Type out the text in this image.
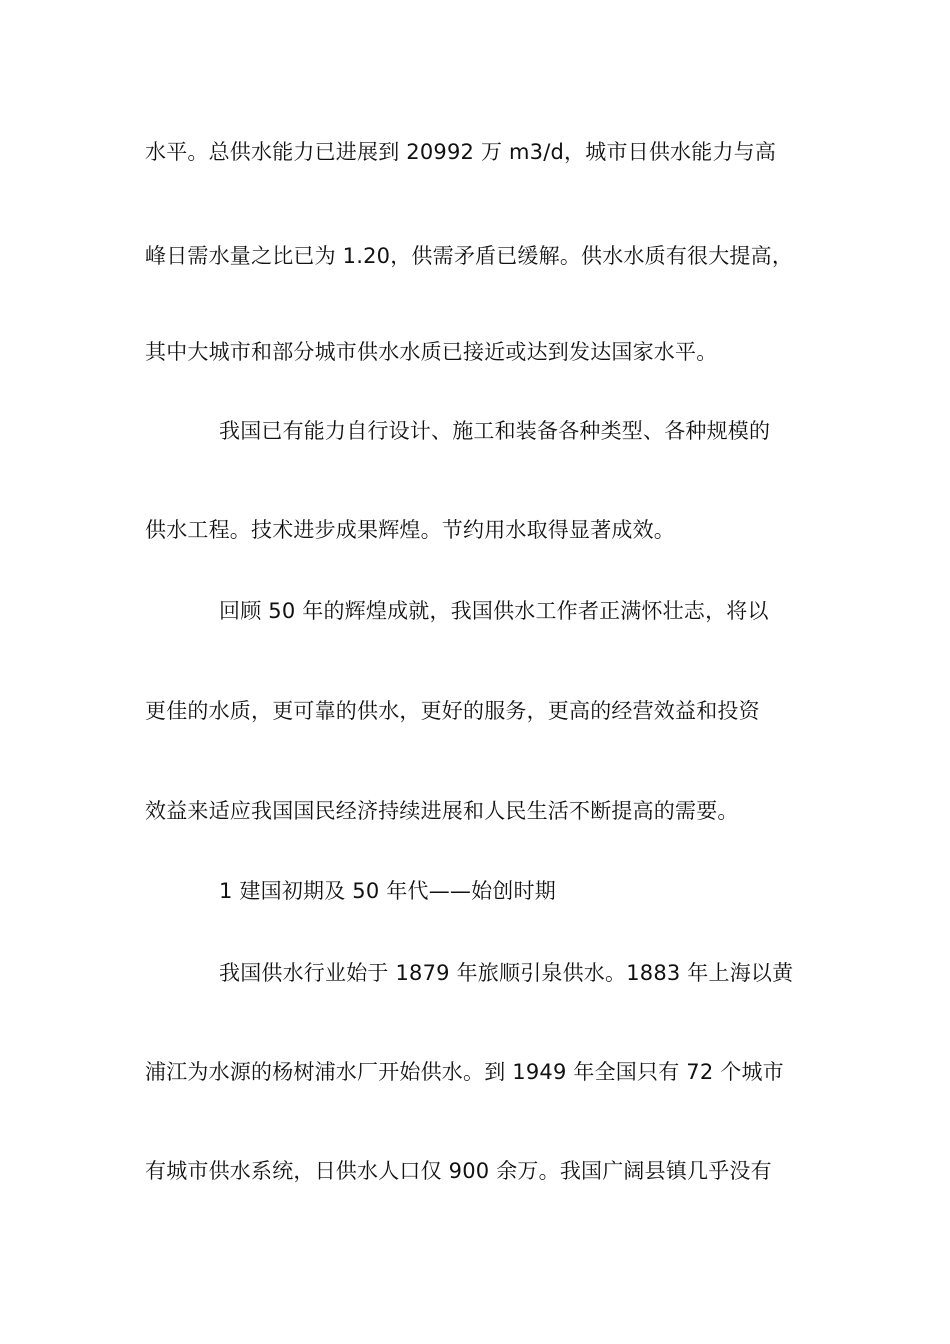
水平。总供水能力已进展到 20992 万 m3/d，城市日供水能力与高
峰日需水量之比已为 1.20，供需矛盾已缓解。供水水质有很大提高，
其中大城市和部分城市供水水质已接近或达到发达国家水平。
我国已有能力自行设计、施工和装备各种类型、各种规模的
供水工程。技术进步成果辉煌。节约用水取得显著成效。
回顾 50 年的辉煌成就，我国供水工作者正满怀壮志，将以
更佳的水质，更可靠的供水，更好的服务，更高的经营效益和投资
效益来适应我国国民经济持续进展和人民生活不断提高的需要。
1 建国初期及 50 年代——始创时期
我国供水行业始于 1879 年旅顺引泉供水。1883 年上海以黄
浦江为水源的杨树浦水厂开始供水。到 1949 年全国只有 72 个城市
有城市供水系统，日供水人口仅 900 余万。我国广阔县镇几乎没有
